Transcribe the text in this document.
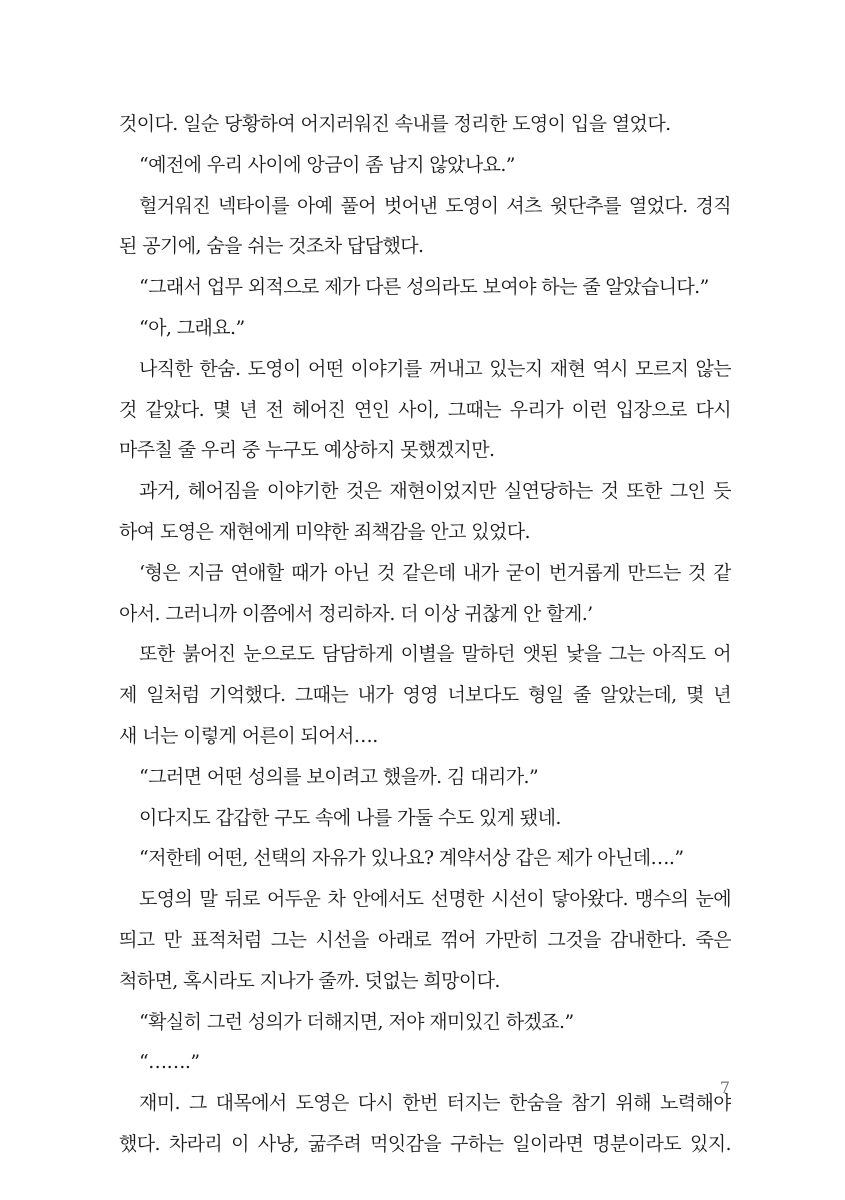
것이다. 일순 당황하여 어지러워진 속내를 정리한 도영이 입을 열었다.
“예전에 우리 사이에 앙금이 좀 남지 않았나요.”
헐거워진 넥타이를 아예 풀어 벗어낸 도영이 셔츠 윗단추를 열었다. 경직
된 공기에, 숨을 쉬는 것조차 답답했다.
“그래서 업무 외적으로 제가 다른 성의라도 보여야 하는 줄 알았습니다.”
“아, 그래요.”
나직한 한숨. 도영이 어떤 이야기를 꺼내고 있는지 재현 역시 모르지 않는
것 같았다. 몇 년 전 헤어진 연인 사이, 그때는 우리가 이런 입장으로 다시
마주칠 줄 우리 중 누구도 예상하지 못했겠지만.
과거, 헤어짐을 이야기한 것은 재현이었지만 실연당하는 것 또한 그인 듯
하여 도영은 재현에게 미약한 죄책감을 안고 있었다.
‘형은 지금 연애할 때가 아닌 것 같은데 내가 굳이 번거롭게 만드는 것 같
아서. 그러니까 이쯤에서 정리하자. 더 이상 귀찮게 안 할게.’
또한 붉어진 눈으로도 담담하게 이별을 말하던 앳된 낯을 그는 아직도 어
제 일처럼 기억했다. 그때는 내가 영영 너보다도 형일 줄 알았는데, 몇 년
새 너는 이렇게 어른이 되어서….
“그러면 어떤 성의를 보이려고 했을까. 김 대리가.”
이다지도 갑갑한 구도 속에 나를 가둘 수도 있게 됐네.
“저한테 어떤, 선택의 자유가 있나요? 계약서상 갑은 제가 아닌데….”
도영의 말 뒤로 어두운 차 안에서도 선명한 시선이 닿아왔다. 맹수의 눈에
띄고 만 표적처럼 그는 시선을 아래로 꺾어 가만히 그것을 감내한다. 죽은
척하면, 혹시라도 지나가 줄까. 덧없는 희망이다.
“확실히 그런 성의가 더해지면, 저야 재미있긴 하겠죠.”
“…….”
재미. 그 대목에서 도영은 다시 한번 터지는 한숨을 참기 위해 노력해야
했다. 차라리 이 사냥, 굶주려 먹잇감을 구하는 일이라면 명분이라도 있지.
7
